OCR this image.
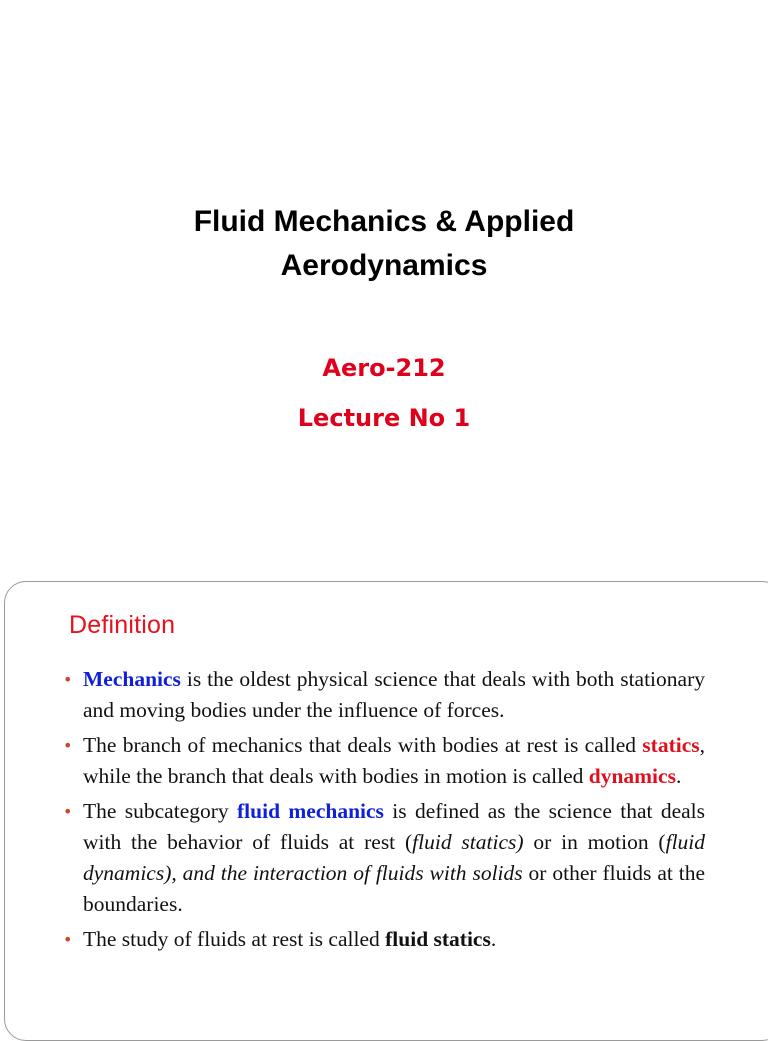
Fluid Mechanics & Applied
Aerodynamics
Aero-212
Lecture No 1
Definition
• Mechanics is the oldest physical science that deals with both stationary and moving bodies under the influence of forces.
• The branch of mechanics that deals with bodies at rest is called statics, while the branch that deals with bodies in motion is called dynamics.
• The subcategory fluid mechanics is defined as the science that deals with the behavior of fluids at rest (fluid statics) or in motion (fluid dynamics), and the interaction of fluids with solids or other fluids at the boundaries.
• The study of fluids at rest is called fluid statics.
